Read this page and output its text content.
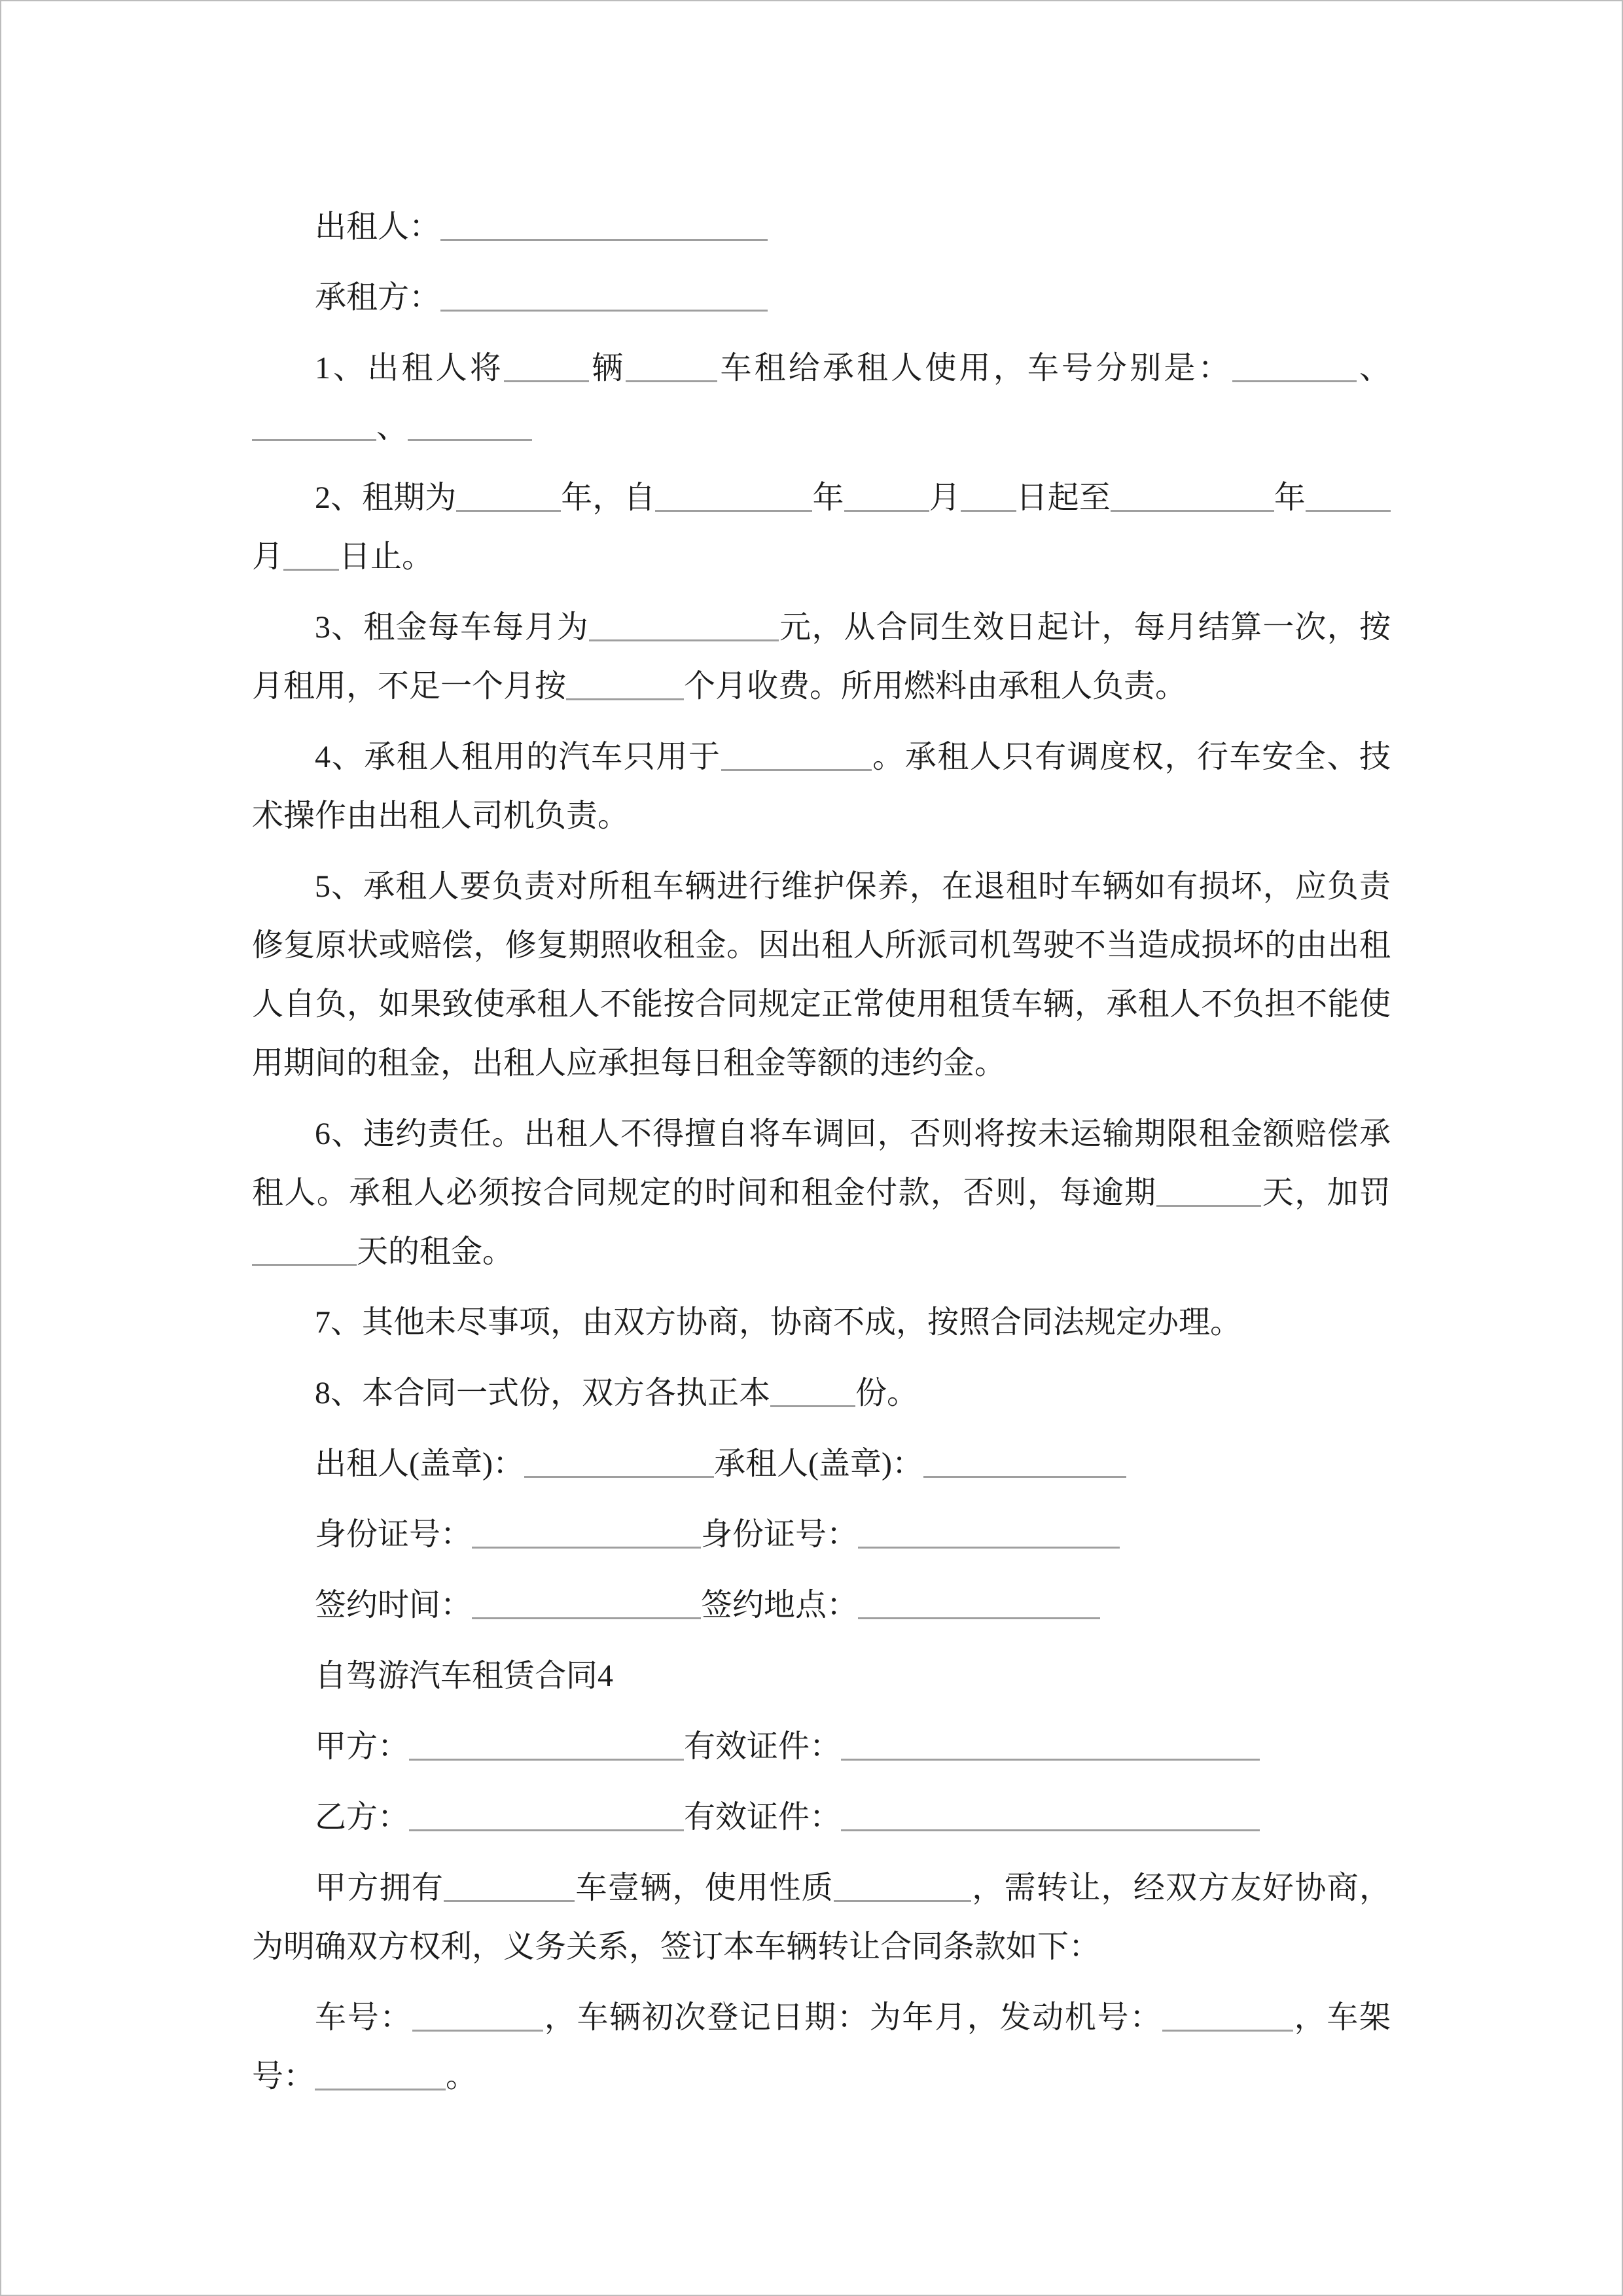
出租人：

承租方：

1、出租人将	辆	车租给承租人使用，车号分别是：	、、

2、租期为	年，自	年	月 日起至	年月 日止。

3、租金每车每月为	元，从合同生效日起计，每月结算一次，按月租用，不足一个月按	个月收费。所用燃料由承租人负责。

4、承租人租用的汽车只用于	。承租人只有调度权，行车安全、技术操作由出租人司机负责。

5、承租人要负责对所租车辆进行维护保养，在退租时车辆如有损坏，应负责修复原状或赔偿，修复期照收租金。因出租人所派司机驾驶不当造成损坏的由出租人自负，如果致使承租人不能按合同规定正常使用租赁车辆，承租人不负担不能使用期间的租金，出租人应承担每日租金等额的违约金。

6、违约责任。出租人不得擅自将车调回，否则将按未运输期限租金额赔偿承租人。承租人必须按合同规定的时间和租金付款，否则，每逾期	天，加罚天的租金。

7、其他未尽事项，由双方协商，协商不成，按照合同法规定办理。

8、本合同一式份，双方各执正本	份。

出租人(盖章)：	承租人(盖章)：

身份证号：	身份证号：

签约时间：	签约地点：

自驾游汽车租赁合同4

甲方：	有效证件：

乙方：	有效证件：

甲方拥有	车壹辆，使用性质	，需转让，经双方友好协商，为明确双方权利，义务关系，签订本车辆转让合同条款如下：

车号：	，车辆初次登记日期：为年月，发动机号：	，车架号：	。
